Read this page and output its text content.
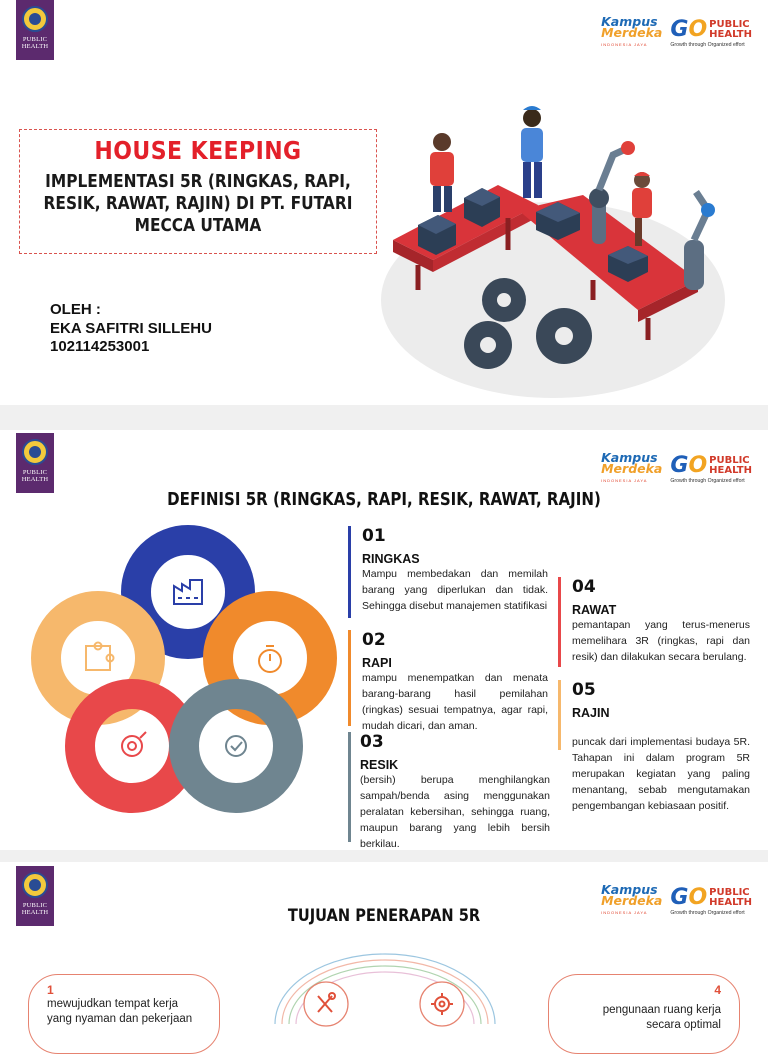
PUBLIC
HEALTH
Kampus
Merdeka
INDONESIA JAYA
GO PUBLIC
HEALTH
Growth through Organized effort
HOUSE KEEPING
IMPLEMENTASI 5R (RINGKAS, RAPI,
RESIK, RAWAT, RAJIN) DI PT. FUTARI
MECCA UTAMA
OLEH :
EKA SAFITRI SILLEHU
102114253001
PUBLIC
HEALTH
Kampus
Merdeka
INDONESIA JAYA
GO PUBLIC
HEALTH
Growth through Organized effort
DEFINISI 5R (RINGKAS, RAPI, RESIK, RAWAT, RAJIN)
01
RINGKAS
Mampu membedakan dan memilah barang yang diperlukan dan tidak. Sehingga disebut manajemen statifikasi
02
RAPI
mampu menempatkan dan menata barang-barang hasil pemilahan (ringkas) sesuai tempatnya, agar rapi, mudah dicari, dan aman.
03
RESIK
(bersih) berupa menghilangkan sampah/benda asing menggunakan peralatan kebersihan, sehingga ruang, maupun barang yang lebih bersih berkilau.
04
RAWAT
pemantapan yang terus-menerus memelihara 3R (ringkas, rapi dan resik) dan dilakukan secara berulang.
05
RAJIN
puncak dari implementasi budaya 5R. Tahapan ini dalam program 5R merupakan kegiatan yang paling menantang, sebab mengutamakan pengembangan kebiasaan positif.
PUBLIC
HEALTH
Kampus
Merdeka
INDONESIA JAYA
GO PUBLIC
HEALTH
Growth through Organized effort
TUJUAN PENERAPAN 5R
1
mewujudkan tempat kerja
yang nyaman dan pekerjaan
4
pengunaan ruang kerja
secara optimal
